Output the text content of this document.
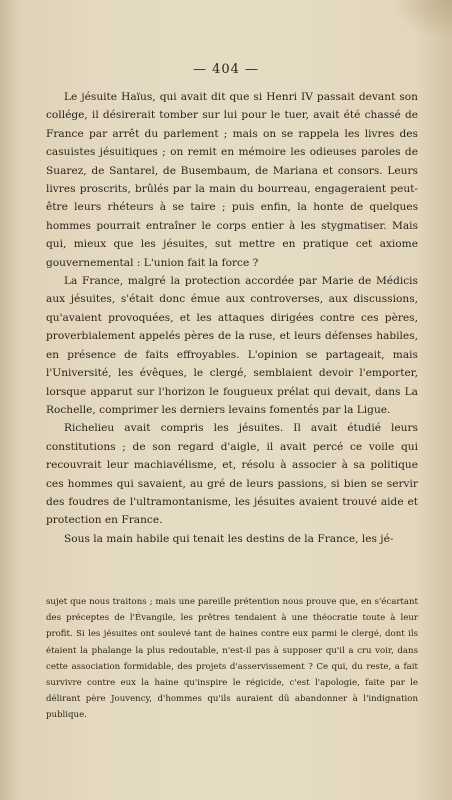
— 404 —

Le jésuite Haïus, qui avait dit que si Henri IV passait devant son collége, il désirerait tomber sur lui pour le tuer, avait été chassé de France par arrêt du parlement ; mais on se rappela les livres des casuistes jésuitiques ; on remit en mémoire les odieuses paroles de Suarez, de Santarel, de Busembaum, de Mariana et consors. Leurs livres proscrits, brûlés par la main du bourreau, engageraient peut-être leurs rhéteurs à se taire ; puis enfin, la honte de quelques hommes pourrait entraîner le corps entier à les stygmatiser. Mais qui, mieux que les jésuites, sut mettre en pratique cet axiome gouvernemental : L'union fait la force ?

La France, malgré la protection accordée par Marie de Médicis aux jésuites, s'était donc émue aux controverses, aux discussions, qu'avaient provoquées, et les attaques dirigées contre ces pères, proverbialement appelés pères de la ruse, et leurs défenses habiles, en présence de faits effroyables. L'opinion se partageait, mais l'Université, les évêques, le clergé, semblaient devoir l'emporter, lorsque apparut sur l'horizon le fougueux prélat qui devait, dans La Rochelle, comprimer les derniers levains fomentés par la Ligue.

Richelieu avait compris les jésuites. Il avait étudié leurs constitutions ; de son regard d'aigle, il avait percé ce voile qui recouvrait leur machiavélisme, et, résolu à associer à sa politique ces hommes qui savaient, au gré de leurs passions, si bien se servir des foudres de l'ultramontanisme, les jésuites avaient trouvé aide et protection en France.

Sous la main habile qui tenait les destins de la France, les jé-

sujet que nous traitons ; mais une pareille prétention nous prouve que, en s'écartant des préceptes de l'Évangile, les prêtres tendaient à une théocratie toute à leur profit. Si les jésuites ont soulevé tant de haines contre eux parmi le clergé, dont ils étaient la phalange la plus redoutable, n'est-il pas à supposer qu'il a cru voir, dans cette association formidable, des projets d'asservissement ? Ce qui, du reste, a fait survivre contre eux la haine qu'inspire le régicide, c'est l'apologie, faite par le délirant père Jouvency, d'hommes qu'ils auraient dû abandonner à l'indignation publique.
